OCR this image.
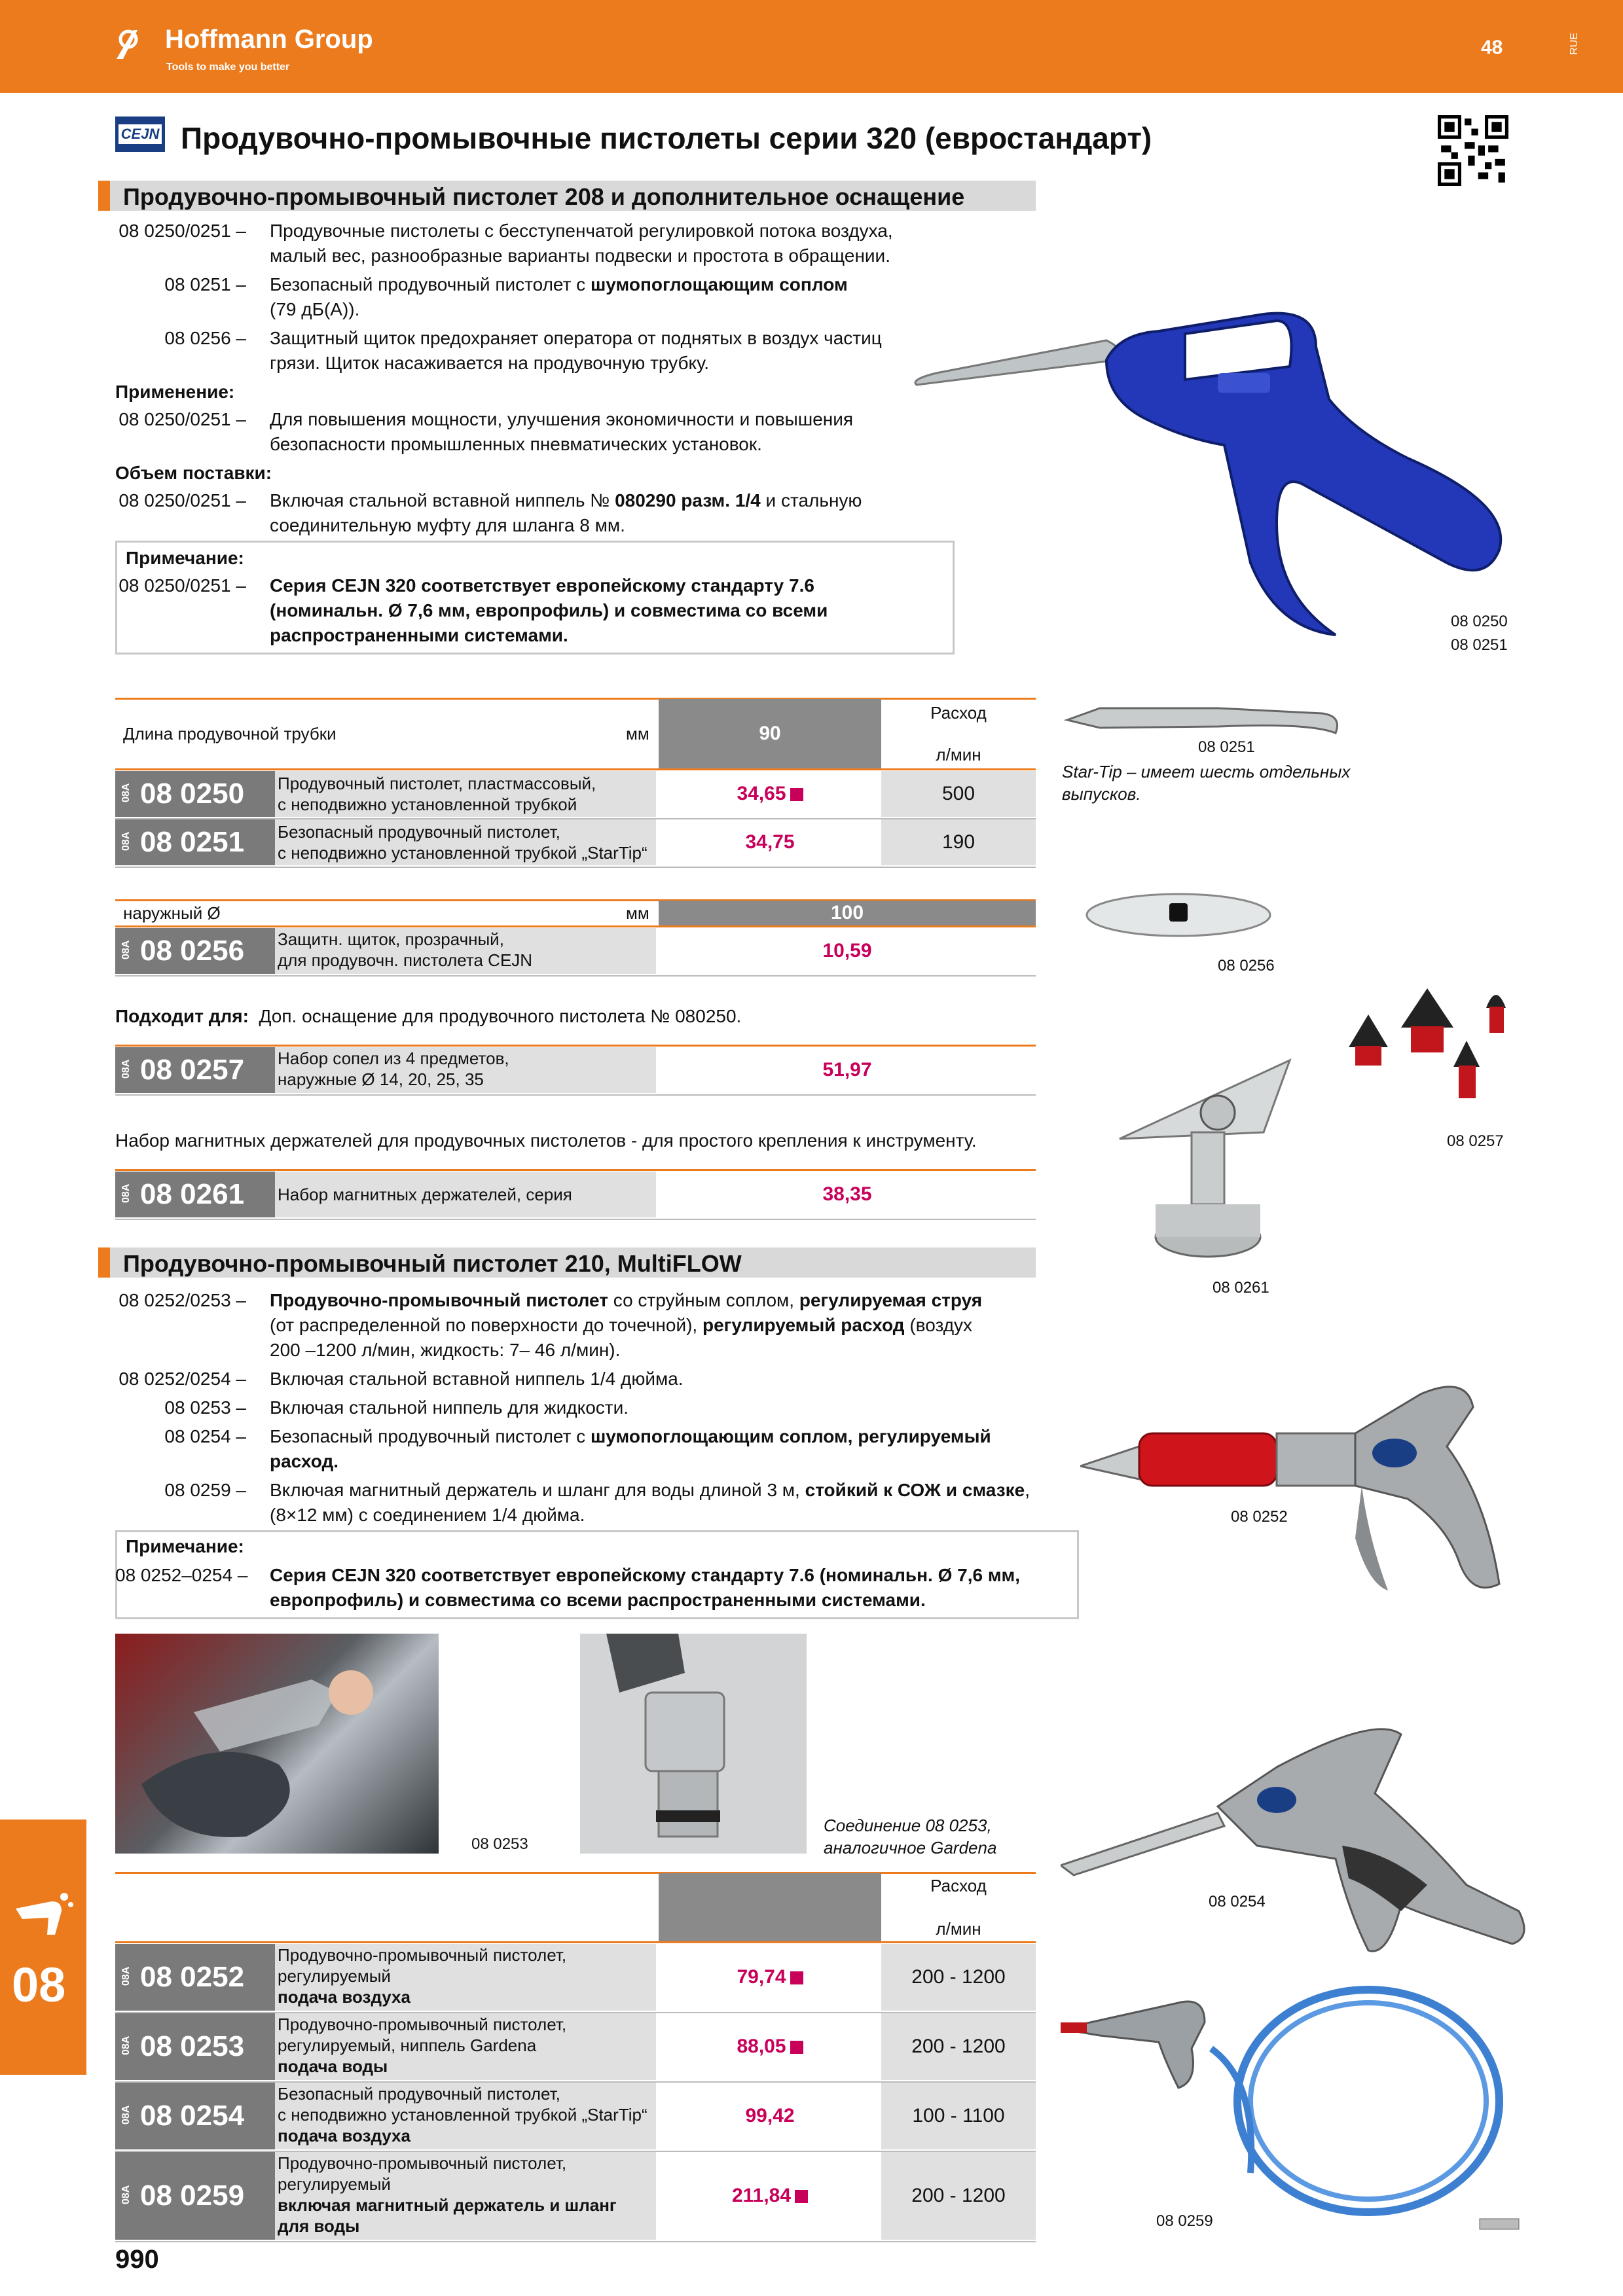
Hoffmann Group
Tools to make you better
48	RUE
CEJN Продувочно-промывочные пистолеты серии 320 (евростандарт)
Продувочно-промывочный пистолет 208 и дополнительное оснащение
08 0250/0251 – Продувочные пистолеты с бесступенчатой регулировкой потока воздуха,
малый вес, разнообразные варианты подвески и простота в обращении.
08 0251 – Безопасный продувочный пистолет с шумопоглощающим соплом
(79 дБ(А)).
08 0256 – Защитный щиток предохраняет оператора от поднятых в воздух частиц
грязи. Щиток насаживается на продувочную трубку.
Применение:
08 0250/0251 – Для повышения мощности, улучшения экономичности и повышения
безопасности промышленных пневматических установок.
Объем поставки:
08 0250/0251 – Включая стальной вставной ниппель № 080290 разм. 1/4 и стальную
соединительную муфту для шланга 8 мм.
Примечание:
08 0250/0251 – Серия CEJN 320 соответствует европейскому стандарту 7.6
(номинальн. Ø 7,6 мм, европрофиль) и совместима со всеми
распространенными системами.
08 0250
08 0251
90
Длина продувочной трубки	мм
Расход
л/мин
08A 08 0250 Продувочный пистолет, пластмассовый,
с неподвижно установленной трубкой	34,65	500
08A 08 0251 Безопасный продувочный пистолет,
с неподвижно установленной трубкой „StarTip“	34,75	190
08 0251
Star-Tip – имеет шесть отдельных
выпусков.
100
наружный Ø	мм
08A 08 0256 Защитн. щиток, прозрачный,
для продувочн. пистолета CEJN	10,59
08 0256
Подходит для: Доп. оснащение для продувочного пистолета № 080250.
08A 08 0257 Набор сопел из 4 предметов,
наружные Ø 14, 20, 25, 35	51,97
08 0257
Набор магнитных держателей для продувочных пистолетов - для простого крепления к инструменту.
08A 08 0261 Набор магнитных держателей, серия	38,35
08 0261
Продувочно-промывочный пистолет 210, MultiFLOW
08 0252/0253 – Продувочно-промывочный пистолет со струйным соплом, регулируемая струя
(от распределенной по поверхности до точечной), регулируемый расход (воздух
200 –1200 л/мин, жидкость: 7– 46 л/мин).
08 0252/0254 – Включая стальной вставной ниппель 1/4 дюйма.
08 0253 – Включая стальной ниппель для жидкости.
08 0254 – Безопасный продувочный пистолет с шумопоглощающим соплом, регулируемый
расход.
08 0259 – Включая магнитный держатель и шланг для воды длиной 3 м, стойкий к СОЖ и смазке,
(8×12 мм) с соединением 1/4 дюйма.
Примечание:
08 0252–0254 – Серия CEJN 320 соответствует европейскому стандарту 7.6 (номинальн. Ø 7,6 мм,
европрофиль) и совместима со всеми распространенными системами.
08 0252
08 0253
Соединение 08 0253,
аналогичное Gardena
08 0254
Расход
л/мин
08A 08 0252
Продувочно-промывочный пистолет,
регулируемый
подача воздуха
79,74	200 - 1200
08A 08 0253
Продувочно-промывочный пистолет,
регулируемый, ниппель Gardena
подача воды
88,05	200 - 1200
08A 08 0254
Безопасный продувочный пистолет,
с неподвижно установленной трубкой „StarTip“
подача воздуха
99,42	100 - 1100
08A 08 0259
Продувочно-промывочный пистолет,
регулируемый
включая магнитный держатель и шланг
для воды
211,84	200 - 1200
08 0259
08
990
